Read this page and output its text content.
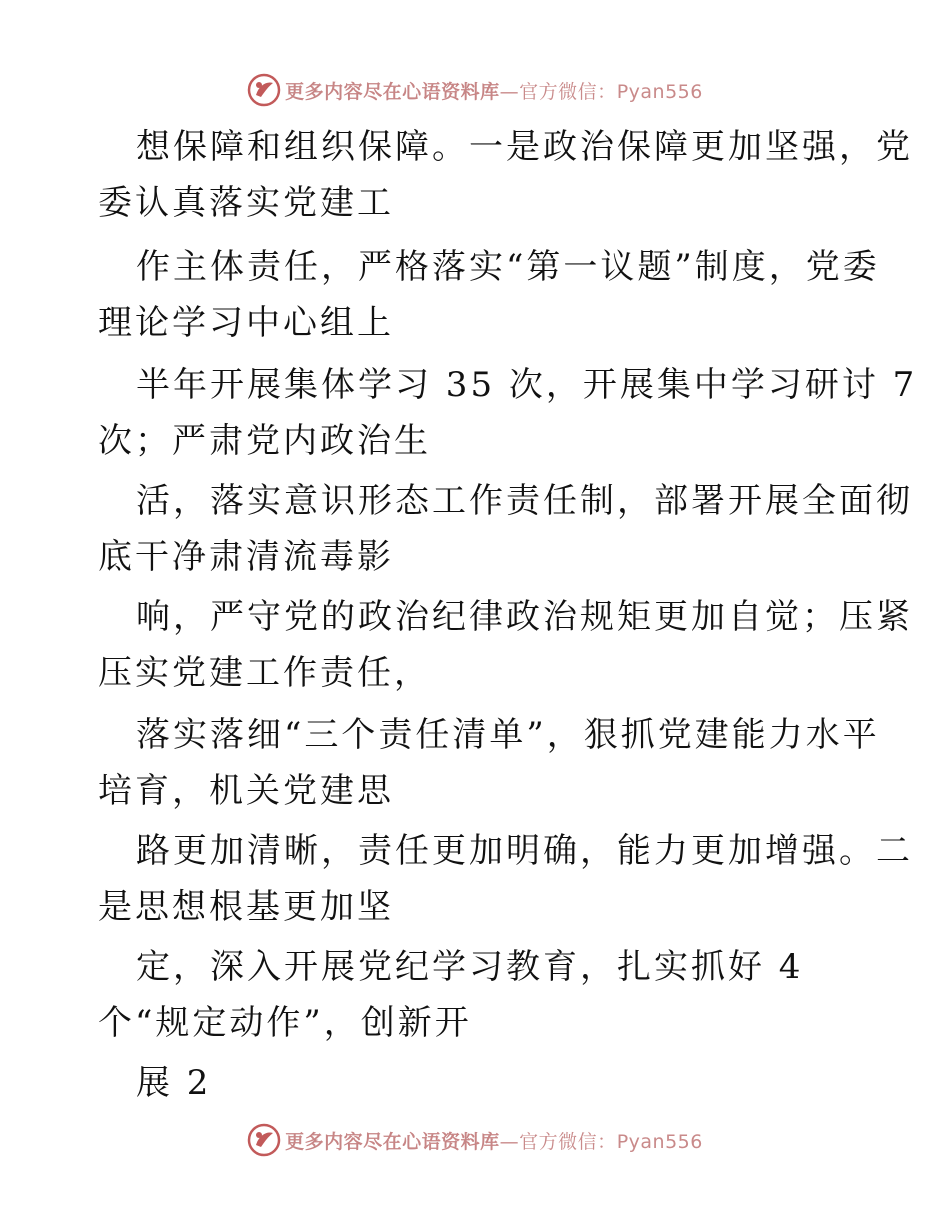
更多内容尽在心语资料库—官方微信：Pyan556
想保障和组织保障。一是政治保障更加坚强，党
委认真落实党建工
作主体责任，严格落实“第一议题”制度，党委
理论学习中心组上
半年开展集体学习 35 次，开展集中学习研讨 7
次；严肃党内政治生
活，落实意识形态工作责任制，部署开展全面彻
底干净肃清流毒影
响，严守党的政治纪律政治规矩更加自觉；压紧
压实党建工作责任，
落实落细“三个责任清单”，狠抓党建能力水平
培育，机关党建思
路更加清晰，责任更加明确，能力更加增强。二
是思想根基更加坚
定，深入开展党纪学习教育，扎实抓好 4
个“规定动作”，创新开
展 2
更多内容尽在心语资料库—官方微信：Pyan556
